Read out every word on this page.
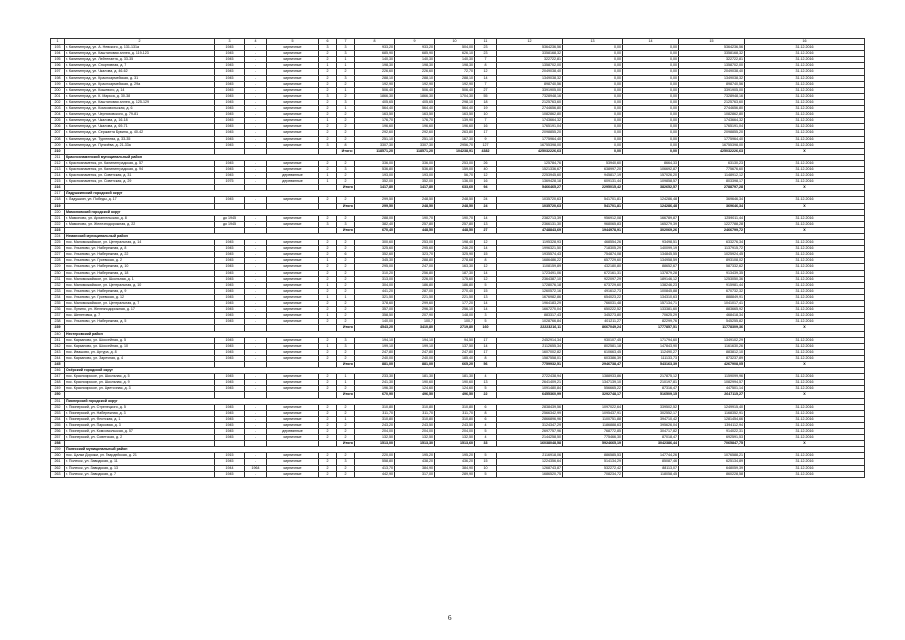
1	2	3	4	5	6	7	8	9	10	11	12	13	14	15	16
193	г. Калининград, ул. А. Невского, д. 131-131а	1945	-	кирпичные	3	3	933,20	933,20	504,00	23	5364236,56	0,00	0,00	5364236,56	31.12.2016
194	г. Калининград, ул. Каштановая аллея, д. 119-123	1945	-	кирпичные	2	3	685,90	685,90	626,10	23	3358168,32	0,00	0,00	3358168,32	31.12.2016
195	г. Калининград, ул. Лейтенанта, д. 33-35	1945	-	кирпичные	2	1	140,30	140,30	140,30	7	322722,81	0,00	0,00	322722,81	31.12.2016
196	г. Калининград, ул. Спортивная, д. 7	1945	-	кирпичные	1	1	198,30	198,30	198,30	8	1358702,00	0,00	0,00	1358702,00	31.12.2016
197	г. Калининград, ул. Чкалова, д. 46-62	1945	-	кирпичные	2	2	226,60	226,60	72,70	12	2049038,40	0,00	0,00	2049038,40	31.12.2016
198	г. Калининград, ул. Красноармейская, д. 31	1945	-	кирпичные	2	3	288,10	288,10	288,10	14	1349038,32	0,00	0,00	1349038,32	31.12.2016
199	г. Калининград, ул. Красноармейская, д. 29а	1945	-	кирпичные	2	2	192,90	192,90	192,90	7	898740,56	0,00	0,00	898740,56	31.12.2016
200	г. Калининград, ул. Кошевого, д. 14	1945	-	кирпичные	2	1	506,40	506,40	506,40	27	3391905,00	0,00	0,00	3391905,00	31.12.2016
201	г. Калининград, ул. К. Маркса, д. 30-38	1945	-	кирпичные	3	2	1866,30	1866,30	1704,30	55	7328948,16	0,00	0,00	7328948,16	31.12.2016
202	г. Калининград, ул. Каштановая аллея, д. 125-129	1945	-	кирпичные	2	3	405,65	405,65	298,10	18	2125763,60	0,00	0,00	2125763,60	31.12.2016
203	г. Калининград, ул. Комсомольская, д. 6	1945	-	кирпичные	2	1	564,40	564,40	564,40	19	2744656,80	0,00	0,00	2744656,80	31.12.2016
204	г. Калининград, ул. Черняховского, д. 79-81	1945	-	кирпичные	2	2	163,50	163,50	163,50	10	1082862,80	0,00	0,00	1082862,80	31.12.2016
205	г. Калининград, ул. Чкалова, д. 16-18	1945	-	кирпичные	1	2	176,70	176,70	139,90	7	1743664,32	0,00	0,00	1743664,32	31.12.2016
206	г. Калининград, ул. Чкалова, д. 69-71	1945	-	кирпичные	2	2	196,60	196,60	196,60	16	1765191,04	0,00	0,00	1765191,04	31.12.2016
207	г. Калининград, ул. Сержанта Бувина, д. 40-42	1945	-	кирпичные	2	2	292,60	292,60	263,80	17	2098855,20	0,00	0,00	2098855,20	31.12.2016
208	г. Калининград, ул. Тургенева, д. 33-35	1945	-	кирпичные	2	2	251,10	251,10	167,30	9	1775964,40	0,00	0,00	1775964,40	31.12.2016
209	г. Калининград, ул. Пугачёва, д. 21-33а	1945	-	кирпичные	3	8	3307,30	3307,30	2956,70	127	16755398,00	0,00	0,00	16755398,00	31.12.2016
210						Итого:	118571,20	118571,20	104238,91	4382	425032226,63	0,00	0,00	425032226,63	X
211	Краснознаменский муниципальный район														
212	г. Краснознаменск, ул. Калининградская, д. 57	1945	-	кирпичные	2	2	336,00	336,00	253,00	26	125784,76	53940,60	8664,33	63130,23	31.12.2016
213	г. Краснознаменск, ул. Калининградская, д. 94	1945	-	кирпичные	2	3	536,80	536,80	159,00	40	1521336,67	638997,20	106692,87	775676,60	31.12.2016
214	г. Краснознаменск, ул. Советская, д. 31	1945	-	деревянные	1	2	193,00	193,00	56,70	12	2253945,60	945817,19	157026,20	1148912,12	31.12.2016
215	г. Краснознаменск, ул. Советская, д. 29	1975	-	деревянные	1	2	352,00	352,00	136,00	16	1369428,18	609131,44	109858,57	803398,17	31.12.2016
216						Итого	1417,80	1417,80	633,60	94	5466465,27	2295015,42	382652,57	2788797,28	X
217	Ладушкинский городской округ														
218	г. Ладушкин, ул. Победы, д. 17	1945	-	кирпичные	2	2	299,50	248,50	248,50	24	1035720,63	541701,81	124286,48	369646,34	31.12.2016
219						Итого	299,50	248,50	248,50	24	1035720,63	541701,81	124286,48	369646,34	X
220	Мамоновский городской округ														
221	г. Мамоново, ул. Архангельская, д. 8	до 1945	-	кирпичные	2	2	288,00	190,70	190,70	14	2382713,39	956912,08	166789,87	1259011,44	31.12.2016
222	г. Мамоново, ул. Железнодорожная, д. 22	до 1945	-	кирпичные	3	3	382,40	257,80	257,80	13	2366131,30	968065,83	165279,39	1227788,28	31.12.2016
223						Итого	670,40	448,50	448,50	27	4748843,69	1944978,91	302069,26	2466799,72	X
224	Неманский муниципальный район														
225	пос. Маломожайское, ул. Центральная, д. 14	1945	-	кирпичные	2	2	300,60	253,00	198,40	12	1195328,93	468554,26	93498,51	633276,34	31.12.2016
226	пос. Ульяново, ул. Набережная, д. 8	1945	-	кирпичные	2	2	325,60	295,60	246,20	14	1996321,50	718305,29	140099,19	1137915,72	31.12.2016
227	пос. Ульяново, ул. Набережная, д. 22	1945	-	кирпичные	2	6	352,60	323,70	325,90	15	1935574,43	754874,08	134845,55	1025924,45	31.12.2016
228	пос. Ульяново, ул. Гусевская, д. 2	1945	-	кирпичные	1	2	345,30	288,80	278,68	8	1686486,22	657729,60	134958,59	893108,02	31.12.2016
229	пос. Ульяново, ул. Набережная, д. 10	1945	-	кирпичные	2	2	295,00	247,00	163,30	12	1108159,89	432180,80	88652,67	587332,62	31.12.2016
230	пос. Ульяново, ул. Набережная, д. 18	1945	-	кирпичные	2	2	310,20	256,80	187,30	14	1723491,06	672161,31	137879,28	913439,35	31.12.2016
231	пос. Маломожайское, ул. Школьная, д. 1	1945	-	кирпичные	2	2	313,00	226,00	175,60	12	2364387,10	922097,29	189146,12	1253050,36	31.12.2016
232	пос. Маломожайское, ул. Центральная, д. 10	1945	-	кирпичные	1	2	304,00	186,80	186,80	5	1728076,18	673729,60	138246,23	915981,44	31.12.2016
233	пос. Ульяново, ул. Набережная, д. 9	1945	-	кирпичные	2	2	441,20	287,00	270,40	15	1260572,16	491612,73	100845,88	670732,32	31.12.2016
234	пос. Ульяново, ул. Гусевская, д. 12	1945	-	кирпичные	1	1	321,50	221,50	221,50	13	1676982,86	654023,22	134310,63	888849,91	31.12.2016
235	пос. Маломожайское, ул. Центральная, д. 7	1945	-	кирпичные	2	2	378,60	299,60	177,20	14	1964183,29	766031,48	157134,71	1041017,41	31.12.2016
236	пос. Лунино, ул. Железнодорожная, д. 17	1945	-	кирпичные	2	2	357,00	296,30	256,10	14	1667270,04	650222,52	133381,60	883665,92	31.12.2016
237	пос. Шепетовка, д. 7	1945	-	кирпичные	1	2	358,50	207,90	148,00	3	883317,43	345273,80	70625,29	468418,34	31.12.2016
238	пос. Ульяново, ул. Набережная, д. 5	1945	-	кирпичные	2	2	140,00	100,7	100,7	5	1028766,84	401211,27	82299,76	545255,82	31.12.2016
239						Итого	4543,20	3410,80	2719,80	160	22223216,11	8667049,24	1777857,51	11778309,36	X
240	Нестеровский район														
241	пос. Карзаново, ул. Шоссейная, д. 5	1945	-	кирпичные	2	3	194,10	194,10	94,50	17	2452914,34	930107,45	171794,60	1349102,29	31.12.2016
242	пос. Карзаново, ул. Шоссейная, д. 10	1945	-	кирпичные	1	3	199,10	199,10	137,50	14	2112655,34	802581,18	147843,90	1161630,26	31.12.2016
243	пос. Ивашово, ул. Артура, д. 8	1945	-	кирпичные	2	2	247,80	247,80	247,80	17	1607002,82	610663,45	112490,27	883812,10	31.12.2016
244	пос. Карзаново, ул. Заречная, д. 4	1945	-	кирпичные	2	2	240,00	240,00	185,40	8	1587558,01	603386,39	111133,73	873237,89	31.12.2016
245						Итого	881,00	881,00	665,20	56	7759932,51	2946738,47	543163,39	4267908,05	X
246	Озёрский городской округ														
247	пос. Красноярское, ул. Школьная, д. 5	1945	-	кирпичные	2	1	233,30	181,30	181,30	4	2722438,94	1388933,86	217875,12	1159099,96	31.12.2016
248	пос. Красноярское, ул. Школьная, д. 9	1945	-	кирпичные	2	1	241,30	190,60	190,60	13	2641409,21	1347139,10	210197,81	1082994,57	31.12.2016
249	пос. Красноярское, ул. Цветочная, д. 3	1945	-	кирпичные	2	2	196,30	124,60	124,60	5	1091480,84	556665,22	87316,47	447501,14	31.12.2016
250						Итого	670,90	496,50	496,50	22	6455360,99	3292748,17	516509,15	2647115,27	X
251	Пионерский городской округ														
252	г. Пионерский, ул. Стрелецкого, д. 5	1945	-	кирпичные	2	2	310,80	310,80	310,80	6	2838439,56	1097022,64	339502,52	1249915,40	31.12.2016
253	г. Пионерский, ул. Набережная, д. 3	1945	-	кирпичные	2	2	311,70	311,70	311,70	8	2566342,99	1095437,91	302552,17	1168352,91	31.12.2016
254	г. Пионерский, ул. Флотская, д. 1	1945	-	кирпичные	2	1	310,80	310,80	310,80	6	2866896,96	1100751,88	394710,42	1281454,66	31.12.2016
255	г. Пионерский, ул. Парковая, д. 3	1945	-	кирпичные	2	2	243,20	243,50	243,50	4	3124347,29	1186888,63	395626,04	1394112,94	31.12.2016
256	г. Пионерский, ул. Комсомольская, д. 57	1945	-	деревянные	2	2	204,00	204,00	204,00	5	2697757,96	768772,85	304717,82	914022,31	31.12.2016
257	г. Пионерский, ул. Советская, д. 2	1945	-	кирпичные	2	2	132,50	132,50	132,50	4	2144258,50	775466,30	87018,47	692591,53	31.12.2016
258						Итого	1513,00	1513,30	1513,60	33	16038048,58	5924665,19	3042386,44	7065847,75	X
259	Полесский муниципальный район														
260	пос. Цалки Дорожи, ул. Гвардейская, д. 21	1915	-	кирпичные	2	2	220,00	195,20	195,20	5	2116918,06	886585,53	147744,26	1076588,21	31.12.2016
261	г. Полесск, ул. Заводская, д. 11	1945	-	кирпичные	2	3	558,80	438,20	436,20	15	1224356,64	514134,29	85087,46	625134,89	31.12.2016
262	г. Полесск, ул. Заводская, д. 13	1944	1964	кирпичные	2	2	413,70	384,90	384,90	10	1268743,87	532272,42	88113,07	648059,39	31.12.2016
263	г. Полесск, ул. Заводская, д. 7	1945	-	кирпичные	2	2	442,90	317,00	289,90	5	1686520,75	708234,72	118058,45	860228,58	31.12.2016
6
